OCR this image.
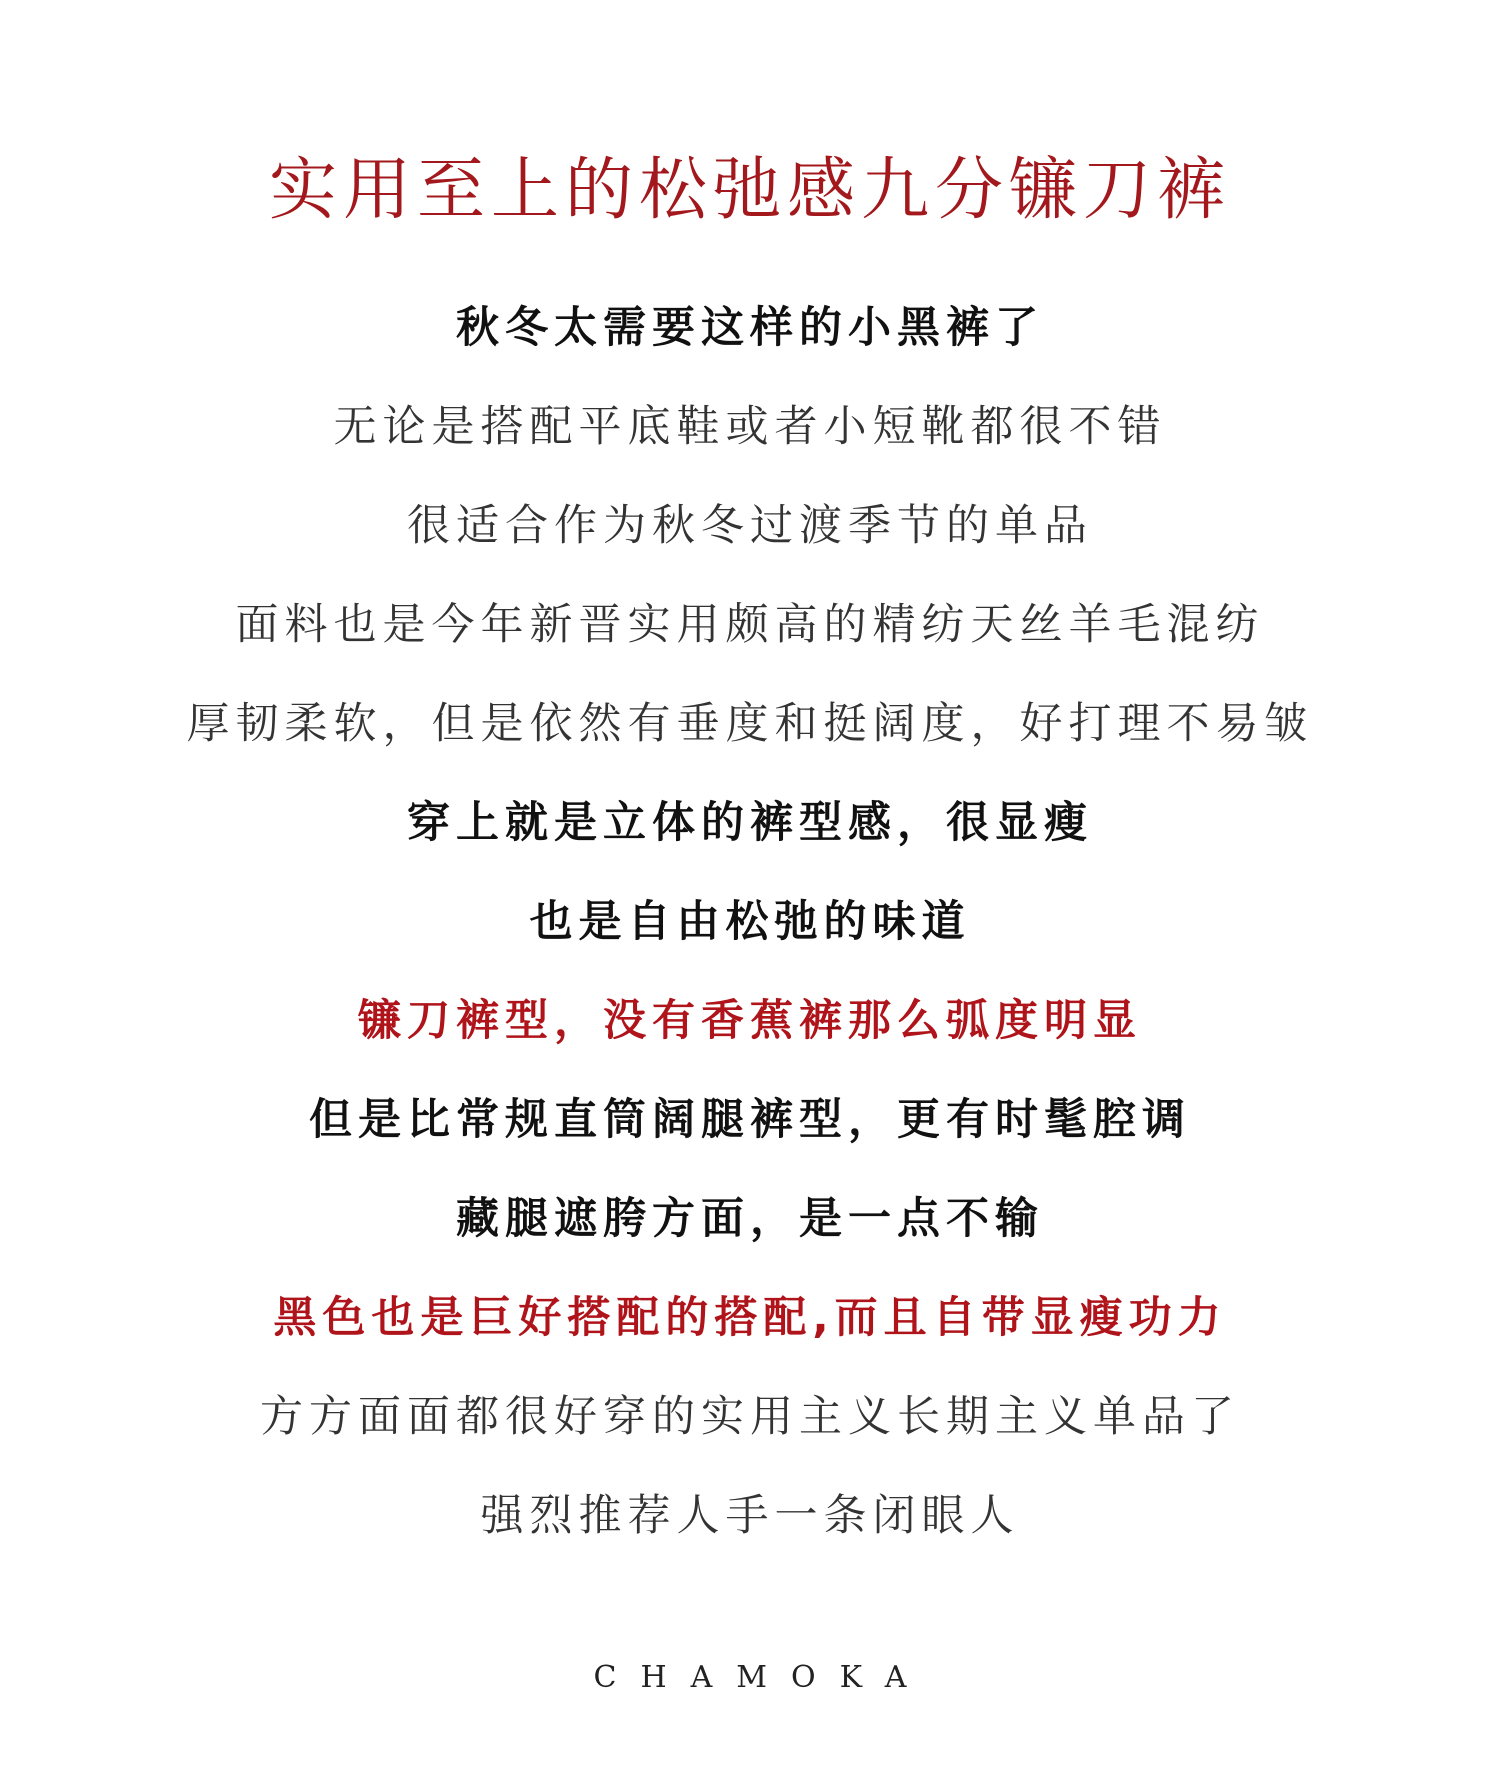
实用至上的松弛感九分镰刀裤
秋冬太需要这样的小黑裤了
无论是搭配平底鞋或者小短靴都很不错
很适合作为秋冬过渡季节的单品
面料也是今年新晋实用颇高的精纺天丝羊毛混纺
厚韧柔软，但是依然有垂度和挺阔度，好打理不易皱
穿上就是立体的裤型感，很显瘦
也是自由松弛的味道
镰刀裤型，没有香蕉裤那么弧度明显
但是比常规直筒阔腿裤型，更有时髦腔调
藏腿遮胯方面，是一点不输
黑色也是巨好搭配的搭配,而且自带显瘦功力
方方面面都很好穿的实用主义长期主义单品了
强烈推荐人手一条闭眼人
CHAMOKA
